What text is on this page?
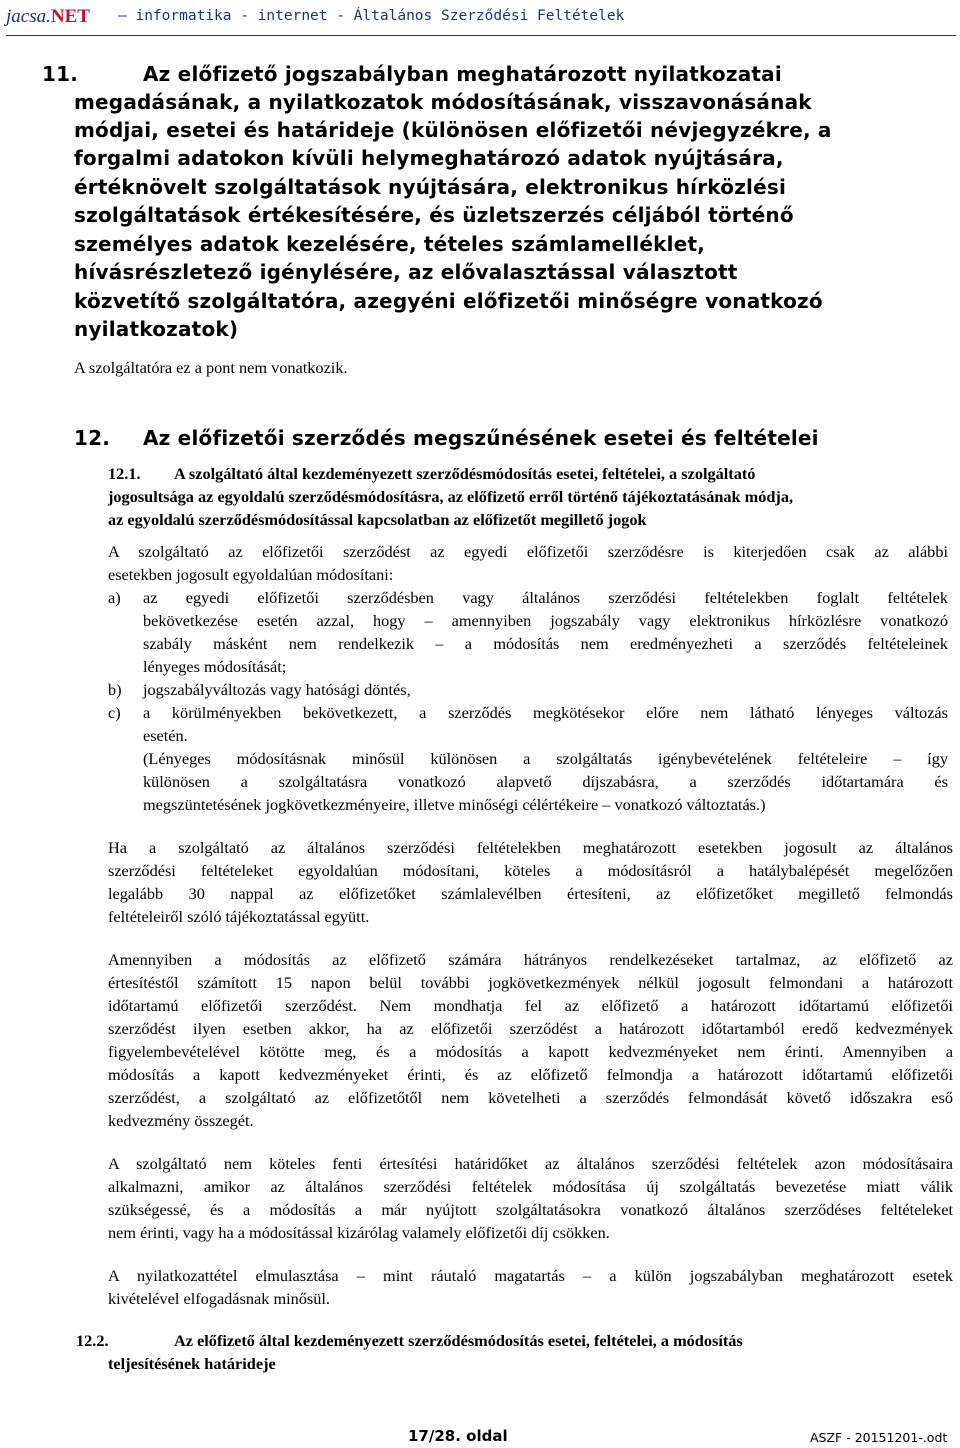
jacsa.NET – informatika - internet - Általános Szerződési Feltételek
11.	Az előfizető jogszabályban meghatározott nyilatkozatai
megadásának, a nyilatkozatok módosításának, visszavonásának
módjai, esetei és határideje (különösen előfizetői névjegyzékre, a
forgalmi adatokon kívüli helymeghatározó adatok nyújtására,
értéknövelt szolgáltatások nyújtására, elektronikus hírközlési
szolgáltatások értékesítésére, és üzletszerzés céljából történő
személyes adatok kezelésére, tételes számlamelléklet,
hívásrészletező igénylésére, az elővalasztással választott
közvetítő szolgáltatóra, azegyéni előfizetői minőségre vonatkozó
nyilatkozatok)
A szolgáltatóra ez a pont nem vonatkozik.
12. Az előfizetői szerződés megszűnésének esetei és feltételei
12.1. A szolgáltató által kezdeményezett szerződésmódosítás esetei, feltételei, a szolgáltató
jogosultsága az egyoldalú szerződésmódosításra, az előfizető erről történő tájékoztatásának módja,
az egyoldalú szerződésmódosítással kapcsolatban az előfizetőt megillető jogok
A szolgáltató az előfizetői szerződést az egyedi előfizetői szerződésre is kiterjedően csak az alábbi
esetekben jogosult egyoldalúan módosítani:
a) az egyedi előfizetői szerződésben vagy általános szerződési feltételekben foglalt feltételek
bekövetkezése esetén azzal, hogy – amennyiben jogszabály vagy elektronikus hírközlésre vonatkozó
szabály másként nem rendelkezik – a módosítás nem eredményezheti a szerződés feltételeinek
lényeges módosítását;
b) jogszabályváltozás vagy hatósági döntés,
c) a körülményekben bekövetkezett, a szerződés megkötésekor előre nem látható lényeges változás
esetén.
(Lényeges módosításnak minősül különösen a szolgáltatás igénybevételének feltételeire – így
különösen a szolgáltatásra vonatkozó alapvető díjszabásra, a szerződés időtartamára és
megszüntetésének jogkövetkezményeire, illetve minőségi célértékeire – vonatkozó változtatás.)
Ha a szolgáltató az általános szerződési feltételekben meghatározott esetekben jogosult az általános
szerződési feltételeket egyoldalúan módosítani, köteles a módosításról a hatálybalépését megelőzően
legalább 30 nappal az előfizetőket számlalevélben értesíteni, az előfizetőket megillető felmondás
feltételeiről szóló tájékoztatással együtt.
Amennyiben a módosítás az előfizető számára hátrányos rendelkezéseket tartalmaz, az előfizető az
értesítéstől számított 15 napon belül további jogkövetkezmények nélkül jogosult felmondani a határozott
időtartamú előfizetői szerződést. Nem mondhatja fel az előfizető a határozott időtartamú előfizetői
szerződést ilyen esetben akkor, ha az előfizetői szerződést a határozott időtartamból eredő kedvezmények
figyelembevételével kötötte meg, és a módosítás a kapott kedvezményeket nem érinti. Amennyiben a
módosítás a kapott kedvezményeket érinti, és az előfizető felmondja a határozott időtartamú előfizetői
szerződést, a szolgáltató az előfizetőtől nem követelheti a szerződés felmondását követő időszakra eső
kedvezmény összegét.
A szolgáltató nem köteles fenti értesítési határidőket az általános szerződési feltételek azon módosításaira
alkalmazni, amikor az általános szerződési feltételek módosítása új szolgáltatás bevezetése miatt válik
szükségessé, és a módosítás a már nyújtott szolgáltatásokra vonatkozó általános szerződéses feltételeket
nem érinti, vagy ha a módosítással kizárólag valamely előfizetői díj csökken.
A nyilatkozattétel elmulasztása – mint ráutaló magatartás – a külön jogszabályban meghatározott esetek
kivételével elfogadásnak minősül.
12.2.	Az előfizető által kezdeményezett szerződésmódosítás esetei, feltételei, a módosítás
teljesítésének határideje
17/28. oldal	ASZF - 20151201-.odt
